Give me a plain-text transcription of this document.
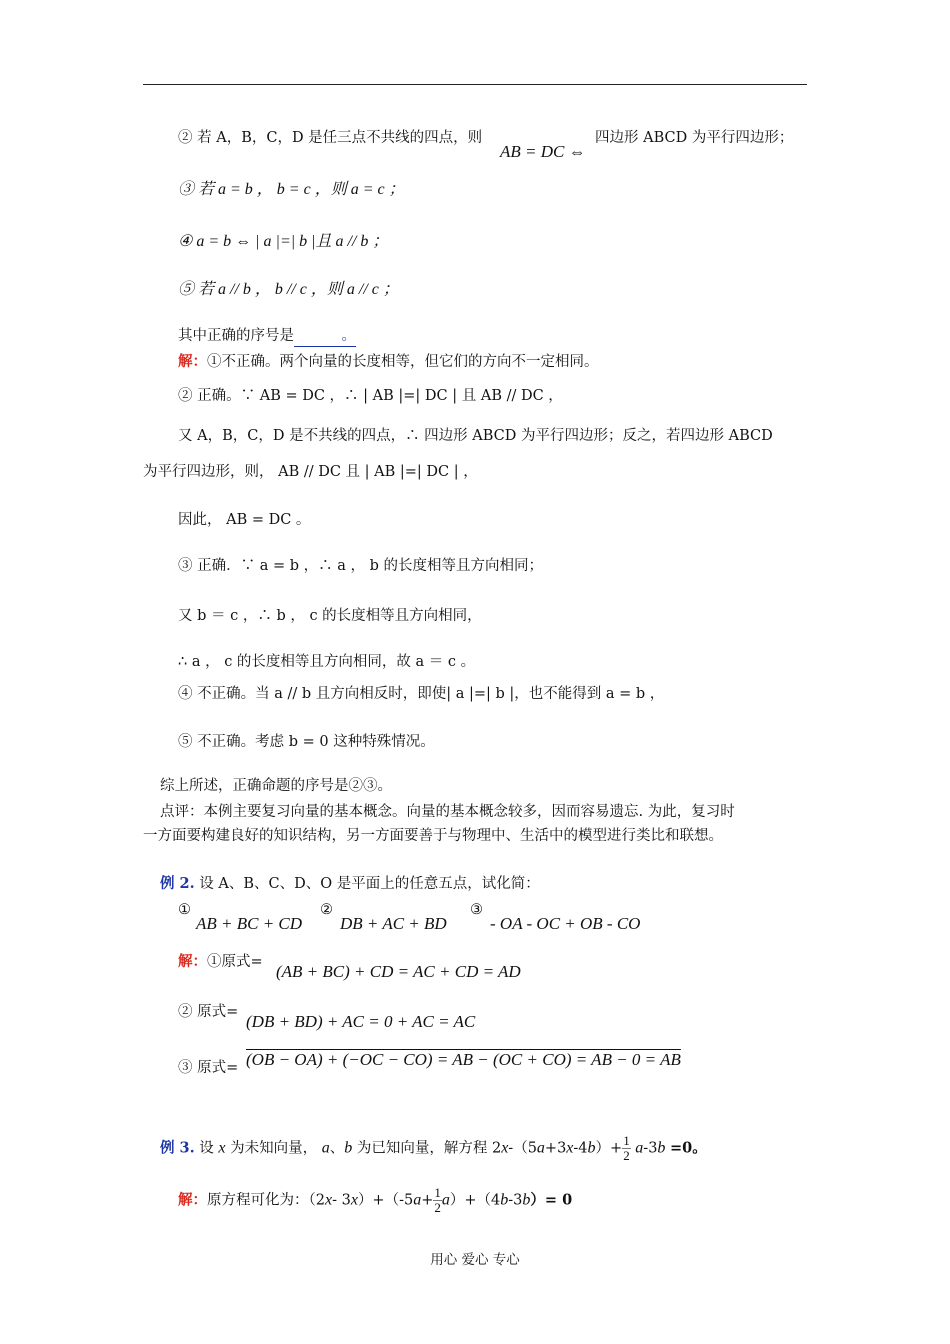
② 若 A，B，C，D 是任三点不共线的四点，则
AB = DC ⇔
四边形 ABCD 为平行四边形；
③ 若 a = b ， b = c ，则 a = c ；
④ a = b ⇔ | a |=| b |且 a // b ；
⑤ 若 a // b ， b // c ，则 a // c ；
其中正确的序号是	。
解：①不正确。两个向量的长度相等，但它们的方向不一定相同。
② 正确。∵ AB = DC ，∴ | AB |=| DC | 且 AB // DC ，
又 A，B，C，D 是不共线的四点，∴ 四边形 ABCD 为平行四边形；反之，若四边形 ABCD
为平行四边形，则， AB // DC 且 | AB |=| DC | ，
因此， AB = DC 。
③ 正确．∵ a = b ，∴ a ， b 的长度相等且方向相同；
又 b ＝ c ，∴ b ， c 的长度相等且方向相同，
∴ a ， c 的长度相等且方向相同，故 a ＝ c 。
④ 不正确。当 a // b 且方向相反时，即使| a |=| b |，也不能得到 a = b ，
⑤ 不正确。考虑 b = 0 这种特殊情况。
综上所述，正确命题的序号是②③。
点评：本例主要复习向量的基本概念。向量的基本概念较多，因而容易遗忘. 为此，复习时
一方面要构建良好的知识结构，另一方面要善于与物理中、生活中的模型进行类比和联想。
例 2. 设 A、B、C、D、O 是平面上的任意五点，试化简：
①
AB + BC + CD
②
DB + AC + BD
③
- OA - OC + OB - CO
解：①原式= (AB + BC) + CD = AC + CD = AD
② 原式= (DB + BD) + AC = 0 + AC = AC
③ 原式= (OB − OA) + (−OC − CO) = AB − (OC + CO) = AB − 0 = AB
例 3. 设 x 为未知向量， a、b 为已知向量，解方程 $2x-(5a+3x-4b)+ \frac{1}{2} a-3b =0$。
解：原方程可化为：（2x- $3x)+(-5a+ \frac{1}{2} a)+(4b-3b)= 0$
用心 爱心 专心
